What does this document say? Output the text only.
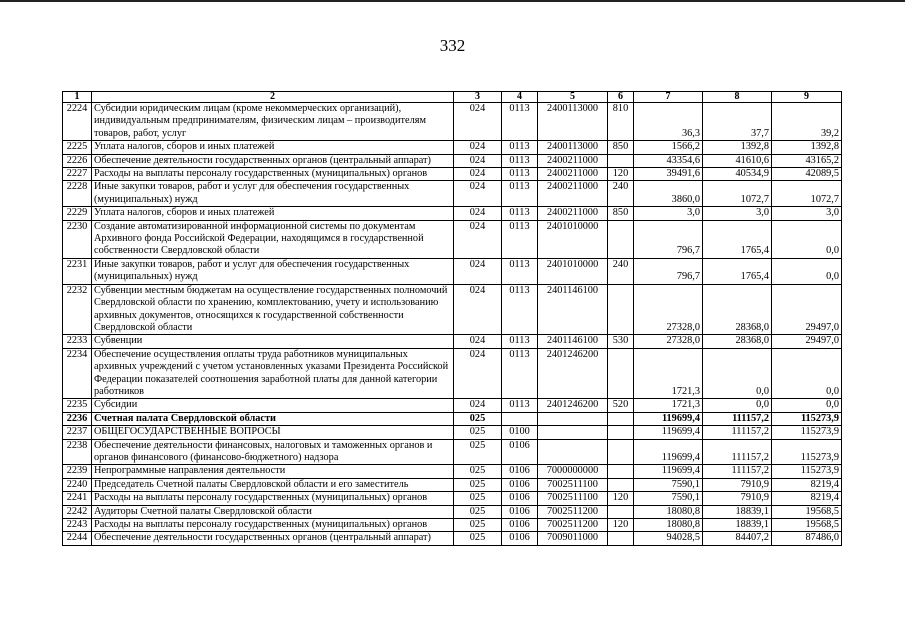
332
1	2	3	4	5	6	7	8	9
2224	Субсидии юридическим лицам (кроме некоммерческих организаций), индивидуальным предпринимателям, физическим лицам – производителям товаров, работ, услуг	024	0113	2400113000	810	36,3	37,7	39,2
2225	Уплата налогов, сборов и иных платежей	024	0113	2400113000	850	1566,2	1392,8	1392,8
2226	Обеспечение деятельности государственных органов (центральный аппарат)	024	0113	2400211000		43354,6	41610,6	43165,2
2227	Расходы на выплаты персоналу государственных (муниципальных) органов	024	0113	2400211000	120	39491,6	40534,9	42089,5
2228	Иные закупки товаров, работ и услуг для обеспечения государственных (муниципальных) нужд	024	0113	2400211000	240	3860,0	1072,7	1072,7
2229	Уплата налогов, сборов и иных платежей	024	0113	2400211000	850	3,0	3,0	3,0
2230	Создание автоматизированной информационной системы по документам Архивного фонда Российской Федерации, находящимся в государственной собственности Свердловской области	024	0113	2401010000		796,7	1765,4	0,0
2231	Иные закупки товаров, работ и услуг для обеспечения государственных (муниципальных) нужд	024	0113	2401010000	240	796,7	1765,4	0,0
2232	Субвенции местным бюджетам на осуществление государственных полномочий Свердловской области по хранению, комплектованию, учету и использованию архивных документов, относящихся к государственной собственности Свердловской области	024	0113	2401146100		27328,0	28368,0	29497,0
2233	Субвенции	024	0113	2401146100	530	27328,0	28368,0	29497,0
2234	Обеспечение осуществления оплаты труда работников муниципальных архивных учреждений с учетом установленных указами Президента Российской Федерации показателей соотношения заработной платы для данной категории работников	024	0113	2401246200		1721,3	0,0	0,0
2235	Субсидии	024	0113	2401246200	520	1721,3	0,0	0,0
2236	Счетная палата Свердловской области	025				119699,4	111157,2	115273,9
2237	ОБЩЕГОСУДАРСТВЕННЫЕ ВОПРОСЫ	025	0100			119699,4	111157,2	115273,9
2238	Обеспечение деятельности финансовых, налоговых и таможенных органов и органов финансового (финансово-бюджетного) надзора	025	0106			119699,4	111157,2	115273,9
2239	Непрограммные направления деятельности	025	0106	7000000000		119699,4	111157,2	115273,9
2240	Председатель Счетной палаты Свердловской области и его заместитель	025	0106	7002511100		7590,1	7910,9	8219,4
2241	Расходы на выплаты персоналу государственных (муниципальных) органов	025	0106	7002511100	120	7590,1	7910,9	8219,4
2242	Аудиторы Счетной палаты Свердловской области	025	0106	7002511200		18080,8	18839,1	19568,5
2243	Расходы на выплаты персоналу государственных (муниципальных) органов	025	0106	7002511200	120	18080,8	18839,1	19568,5
2244	Обеспечение деятельности государственных органов (центральный аппарат)	025	0106	7009011000		94028,5	84407,2	87486,0
